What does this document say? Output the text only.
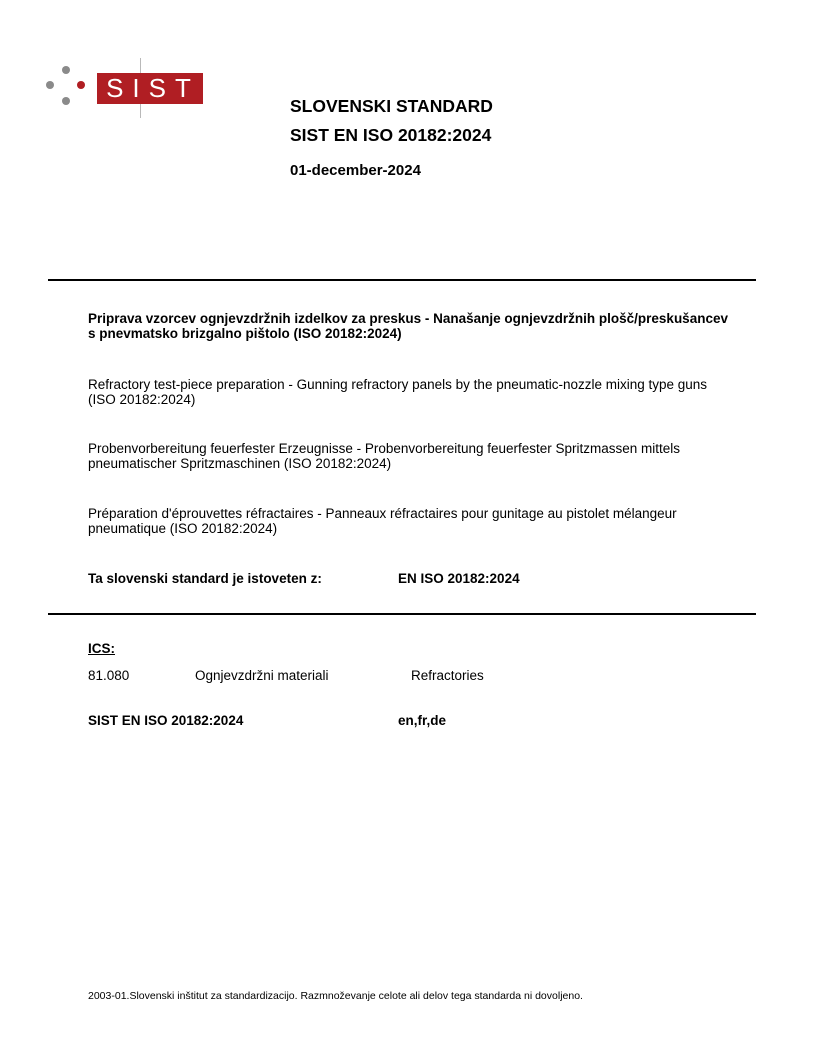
SIST
SLOVENSKI STANDARD
SIST EN ISO 20182:2024
01-december-2024
Priprava vzorcev ognjevzdržnih izdelkov za preskus - Nanašanje ognjevzdržnih plošč/preskušancev s pnevmatsko brizgalno pištolo (ISO 20182:2024)
Refractory test-piece preparation - Gunning refractory panels by the pneumatic-nozzle mixing type guns (ISO 20182:2024)
Probenvorbereitung feuerfester Erzeugnisse - Probenvorbereitung feuerfester Spritzmassen mittels pneumatischer Spritzmaschinen (ISO 20182:2024)
Préparation d'éprouvettes réfractaires - Panneaux réfractaires pour gunitage au pistolet mélangeur pneumatique (ISO 20182:2024)
Ta slovenski standard je istoveten z:	EN ISO 20182:2024
ICS:
81.080	Ognjevzdržni materiali	Refractories
SIST EN ISO 20182:2024	en,fr,de
2003-01.Slovenski inštitut za standardizacijo. Razmnoževanje celote ali delov tega standarda ni dovoljeno.
